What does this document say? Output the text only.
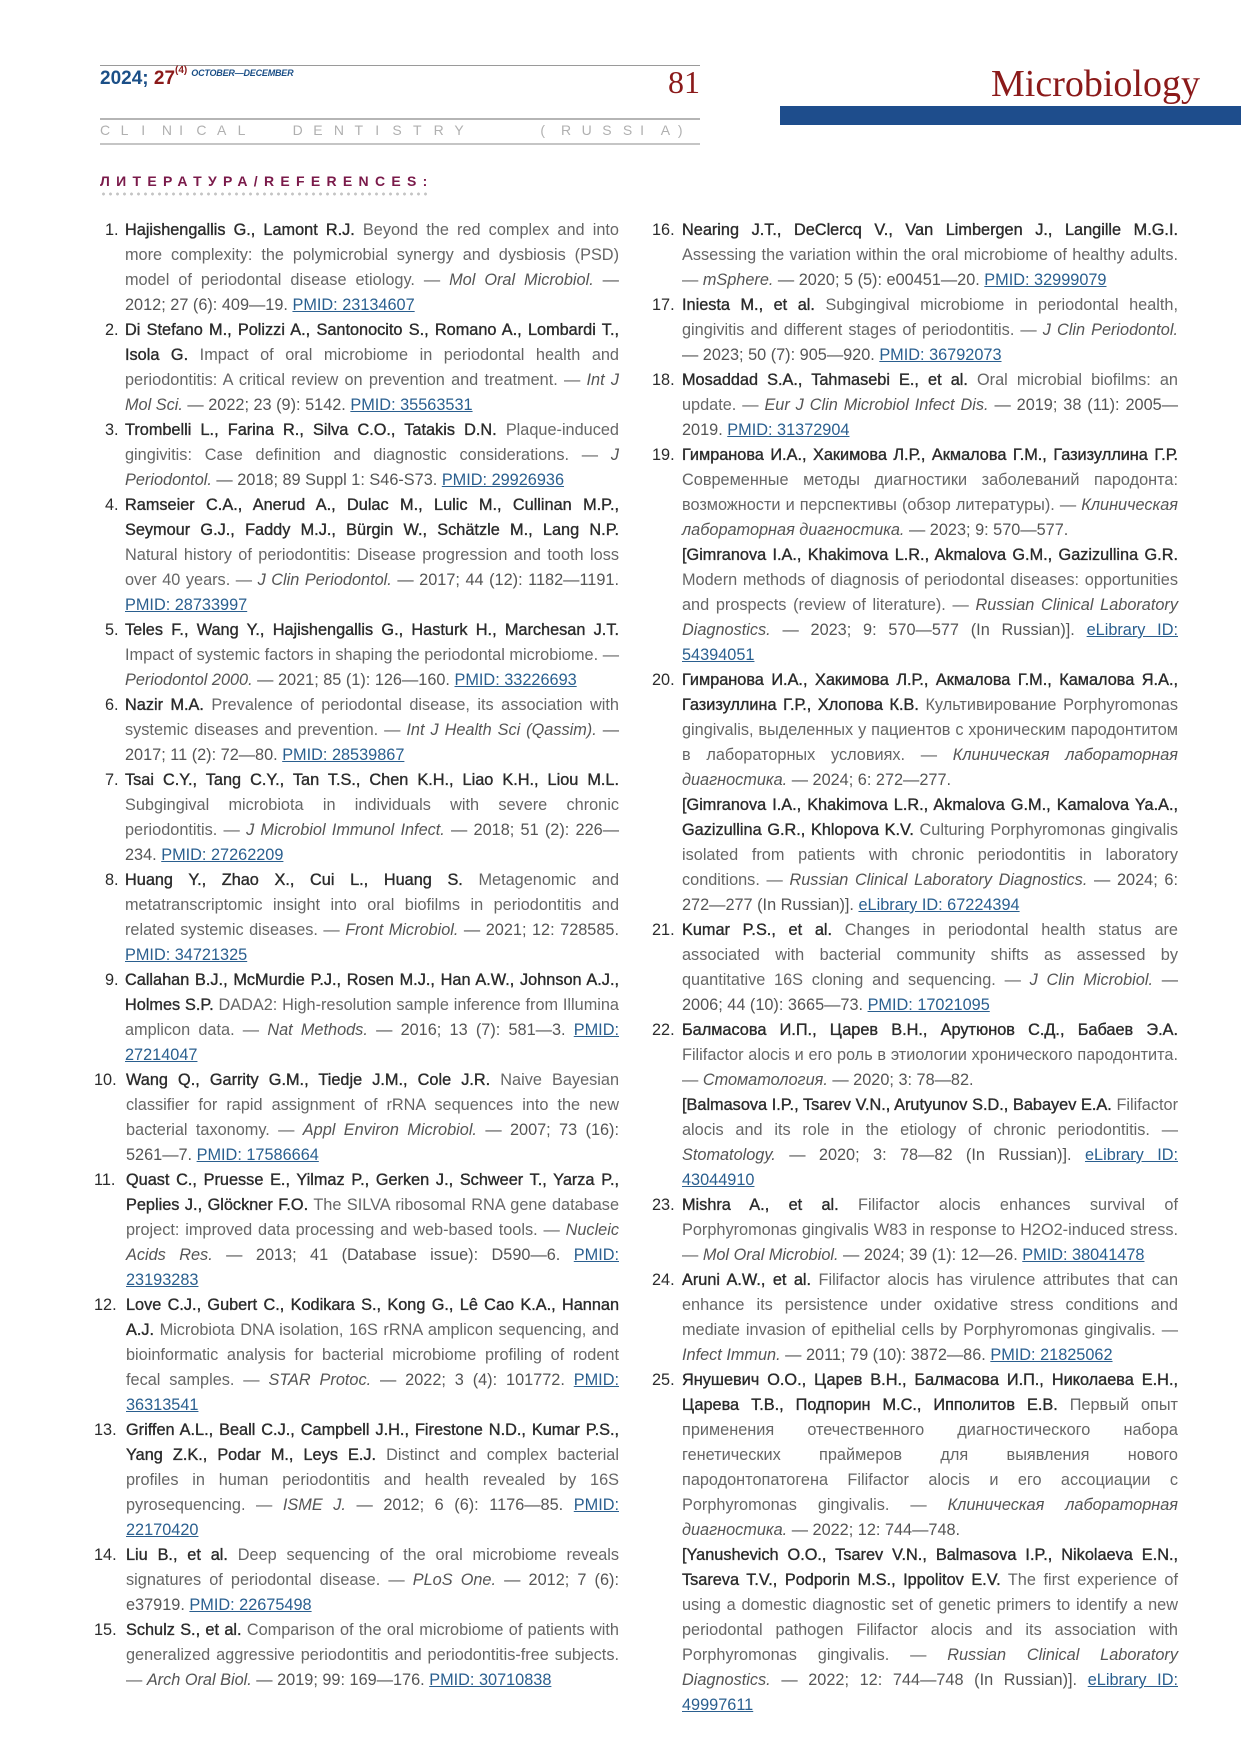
2024; 27$^{(4)}$ $^{OCTOBER—DECEMBER}$	81
C L I N I C A L	D E N T I S T R Y	( R U S S I A )
Microbiology
ЛИТЕРАТУРА/REFERENCES:
1. Hajishengallis G., Lamont R.J. Beyond the red complex and into more complexity: the polymicrobial synergy and dysbiosis (PSD) model of periodontal disease etiology. — Mol Oral Microbiol. — 2012; 27 (6): 409—19. PMID: 23134607
2. Di Stefano M., Polizzi A., Santonocito S., Romano A., Lombardi T., Isola G. Impact of oral microbiome in periodontal health and periodontitis: A critical review on prevention and treatment. — Int J Mol Sci. — 2022; 23 (9): 5142. PMID: 35563531
3. Trombelli L., Farina R., Silva C.O., Tatakis D.N. Plaque-induced gingivitis: Case definition and diagnostic considerations. — J Periodontol. — 2018; 89 Suppl 1: S46-S73. PMID: 29926936
4. Ramseier C.A., Anerud A., Dulac M., Lulic M., Cullinan M.P., Seymour G.J., Faddy M.J., Bürgin W., Schätzle M., Lang N.P. Natural history of periodontitis: Disease progression and tooth loss over 40 years. — J Clin Periodontol. — 2017; 44 (12): 1182—1191. PMID: 28733997
5. Teles F., Wang Y., Hajishengallis G., Hasturk H., Marchesan J.T. Impact of systemic factors in shaping the periodontal microbiome. — Periodontol 2000. — 2021; 85 (1): 126—160. PMID: 33226693
6. Nazir M.A. Prevalence of periodontal disease, its association with systemic diseases and prevention. — Int J Health Sci (Qassim). — 2017; 11 (2): 72—80. PMID: 28539867
7. Tsai C.Y., Tang C.Y., Tan T.S., Chen K.H., Liao K.H., Liou M.L. Subgingival microbiota in individuals with severe chronic periodontitis. — J Microbiol Immunol Infect. — 2018; 51 (2): 226—234. PMID: 27262209
8. Huang Y., Zhao X., Cui L., Huang S. Metagenomic and metatranscriptomic insight into oral biofilms in periodontitis and related systemic diseases. — Front Microbiol. — 2021; 12: 728585. PMID: 34721325
9. Callahan B.J., McMurdie P.J., Rosen M.J., Han A.W., Johnson A.J., Holmes S.P. DADA2: High-resolution sample inference from Illumina amplicon data. — Nat Methods. — 2016; 13 (7): 581—3. PMID: 27214047
10. Wang Q., Garrity G.M., Tiedje J.M., Cole J.R. Naive Bayesian classifier for rapid assignment of rRNA sequences into the new bacterial taxonomy. — Appl Environ Microbiol. — 2007; 73 (16): 5261—7. PMID: 17586664
11. Quast C., Pruesse E., Yilmaz P., Gerken J., Schweer T., Yarza P., Peplies J., Glöckner F.O. The SILVA ribosomal RNA gene database project: improved data processing and web-based tools. — Nucleic Acids Res. — 2013; 41 (Database issue): D590—6. PMID: 23193283
12. Love C.J., Gubert C., Kodikara S., Kong G., Lê Cao K.A., Hannan A.J. Microbiota DNA isolation, 16S rRNA amplicon sequencing, and bioinformatic analysis for bacterial microbiome profiling of rodent fecal samples. — STAR Protoc. — 2022; 3 (4): 101772. PMID: 36313541
13. Griffen A.L., Beall C.J., Campbell J.H., Firestone N.D., Kumar P.S., Yang Z.K., Podar M., Leys E.J. Distinct and complex bacterial profiles in human periodontitis and health revealed by 16S pyrosequencing. — ISME J. — 2012; 6 (6): 1176—85. PMID: 22170420
14. Liu B., et al. Deep sequencing of the oral microbiome reveals signatures of periodontal disease. — PLoS One. — 2012; 7 (6): e37919. PMID: 22675498
15. Schulz S., et al. Comparison of the oral microbiome of patients with generalized aggressive periodontitis and periodontitis-free subjects. — Arch Oral Biol. — 2019; 99: 169—176. PMID: 30710838
16. Nearing J.T., DeClercq V., Van Limbergen J., Langille M.G.I. Assessing the variation within the oral microbiome of healthy adults. — mSphere. — 2020; 5 (5): e00451—20. PMID: 32999079
17. Iniesta M., et al. Subgingival microbiome in periodontal health, gingivitis and different stages of periodontitis. — J Clin Periodontol. — 2023; 50 (7): 905—920. PMID: 36792073
18. Mosaddad S.A., Tahmasebi E., et al. Oral microbial biofilms: an update. — Eur J Clin Microbiol Infect Dis. — 2019; 38 (11): 2005—2019. PMID: 31372904
19. Гимранова И.А., Хакимова Л.Р., Акмалова Г.М., Газизуллина Г.Р. Современные методы диагностики заболеваний пародонта: возможности и перспективы (обзор литературы). — Клиническая лабораторная диагностика. — 2023; 9: 570—577.
[Gimranova I.A., Khakimova L.R., Akmalova G.M., Gazizullina G.R. Modern methods of diagnosis of periodontal diseases: opportunities and prospects (review of literature). — Russian Clinical Laboratory Diagnostics. — 2023; 9: 570—577 (In Russian)]. eLibrary ID: 54394051
20. Гимранова И.А., Хакимова Л.Р., Акмалова Г.М., Камалова Я.А., Газизуллина Г.Р., Хлопова К.В. Культивирование Porphyromonas gingivalis, выделенных у пациентов с хроническим пародонтитом в лабораторных условиях. — Клиническая лабораторная диагностика. — 2024; 6: 272—277.
[Gimranova I.A., Khakimova L.R., Akmalova G.M., Kamalova Ya.A., Gazizullina G.R., Khlopova K.V. Culturing Porphyromonas gingivalis isolated from patients with chronic periodontitis in laboratory conditions. — Russian Clinical Laboratory Diagnostics. — 2024; 6: 272—277 (In Russian)]. eLibrary ID: 67224394
21. Kumar P.S., et al. Changes in periodontal health status are associated with bacterial community shifts as assessed by quantitative 16S cloning and sequencing. — J Clin Microbiol. — 2006; 44 (10): 3665—73. PMID: 17021095
22. Балмасова И.П., Царев В.Н., Арутюнов С.Д., Бабаев Э.А. Filifactor alocis и его роль в этиологии хронического пародонтита. — Стоматология. — 2020; 3: 78—82.
[Balmasova I.P., Tsarev V.N., Arutyunov S.D., Babayev E.A. Filifactor alocis and its role in the etiology of chronic periodontitis. — Stomatology. — 2020; 3: 78—82 (In Russian)]. eLibrary ID: 43044910
23. Mishra A., et al. Filifactor alocis enhances survival of Porphyromonas gingivalis W83 in response to H2O2-induced stress. — Mol Oral Microbiol. — 2024; 39 (1): 12—26. PMID: 38041478
24. Aruni A.W., et al. Filifactor alocis has virulence attributes that can enhance its persistence under oxidative stress conditions and mediate invasion of epithelial cells by Porphyromonas gingivalis. — Infect Immun. — 2011; 79 (10): 3872—86. PMID: 21825062
25. Янушевич О.О., Царев В.Н., Балмасова И.П., Николаева Е.Н., Царева Т.В., Подпорин М.С., Ипполитов Е.В. Первый опыт применения отечественного диагностического набора генетических праймеров для выявления нового пародонтопатогена Filifactor alocis и его ассоциации с Porphyromonas gingivalis. — Клиническая лабораторная диагностика. — 2022; 12: 744—748.
[Yanushevich O.O., Tsarev V.N., Balmasova I.P., Nikolaeva E.N., Tsareva T.V., Podporin M.S., Ippolitov E.V. The first experience of using a domestic diagnostic set of genetic primers to identify a new periodontal pathogen Filifactor alocis and its association with Porphyromonas gingivalis. — Russian Clinical Laboratory Diagnostics. — 2022; 12: 744—748 (In Russian)]. eLibrary ID: 49997611
